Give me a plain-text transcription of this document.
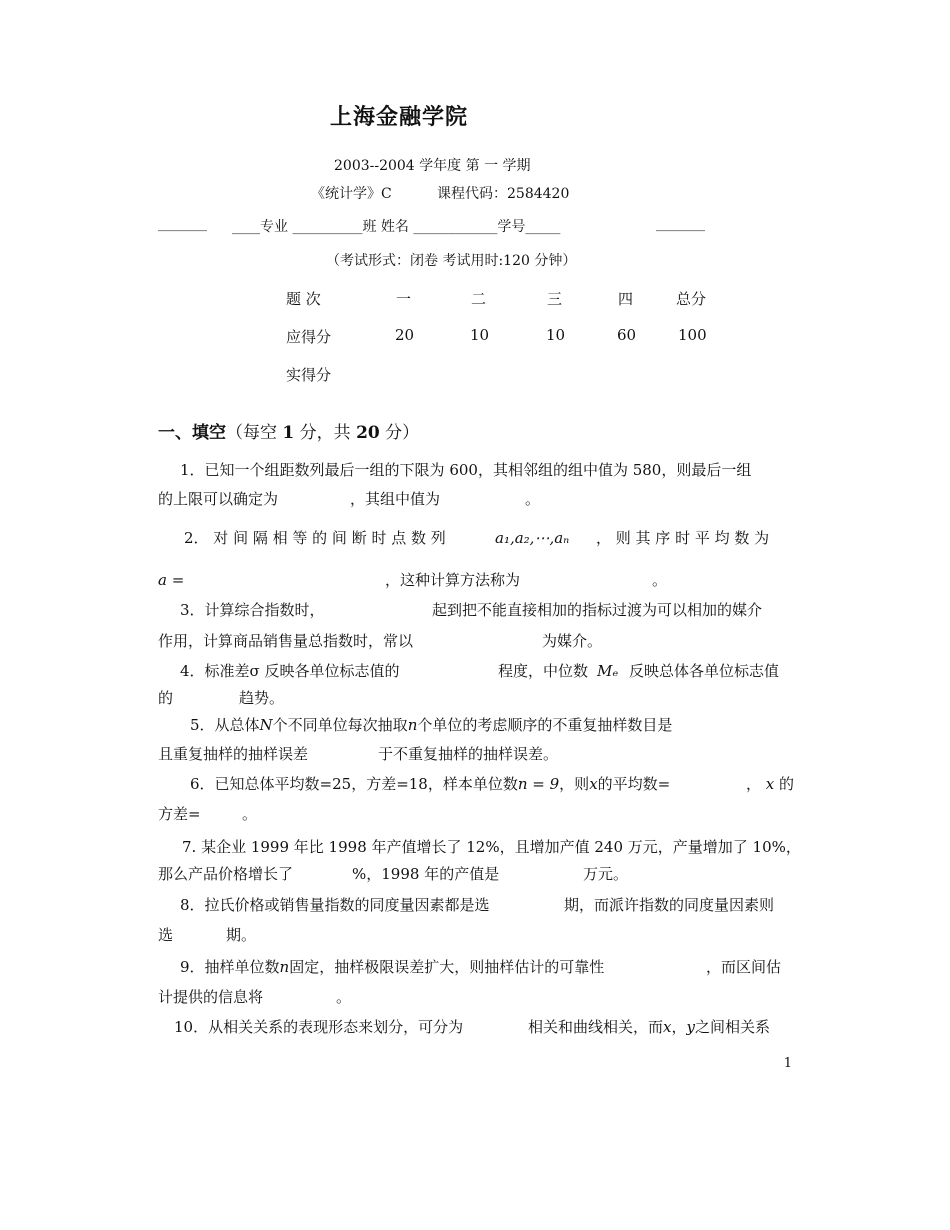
上海金融学院
2003--2004 学年度 第 一 学期
《统计学》C	课程代码：2584420
_______ ____专业 __________班 姓名 ____________学号_____	_______
（考试形式：闭卷 考试用时:120 分钟）
题 次	一	二	三	四	总分
应得分	20	10	10	60	100
实得分
一、填空（每空 1 分，共 20 分）
1．已知一个组距数列最后一组的下限为 600，其相邻组的组中值为 580，则最后一组
的上限可以确定为	，其组中值为	。
2． 对 间 隔 相 等 的 间 断 时 点 数 列	a₁,a₂,⋯,aₙ ， 则 其 序 时 平 均 数 为
a =	，这种计算方法称为	。
3．计算综合指数时，	起到把不能直接相加的指标过渡为可以相加的媒介
作用，计算商品销售量总指数时，常以	为媒介。
4．标准差σ 反映各单位标志值的	程度，中位数 Mₑ 反映总体各单位标志值
的	趋势。
5．从总体N个不同单位每次抽取n个单位的考虑顺序的不重复抽样数目是
且重复抽样的抽样误差	于不重复抽样的抽样误差。
6．已知总体平均数=25，方差=18，样本单位数n = 9，则x的平均数=	， x 的
方差=	。
7. 某企业 1999 年比 1998 年产值增长了 12%，且增加产值 240 万元，产量增加了 10%，
那么产品价格增长了	%，1998 年的产值是	万元。
8．拉氏价格或销售量指数的同度量因素都是选	期，而派许指数的同度量因素则
选	期。
9．抽样单位数n固定，抽样极限误差扩大，则抽样估计的可靠性	，而区间估
计提供的信息将	。
10．从相关关系的表现形态来划分，可分为	相关和曲线相关，而x，y之间相关系
1
